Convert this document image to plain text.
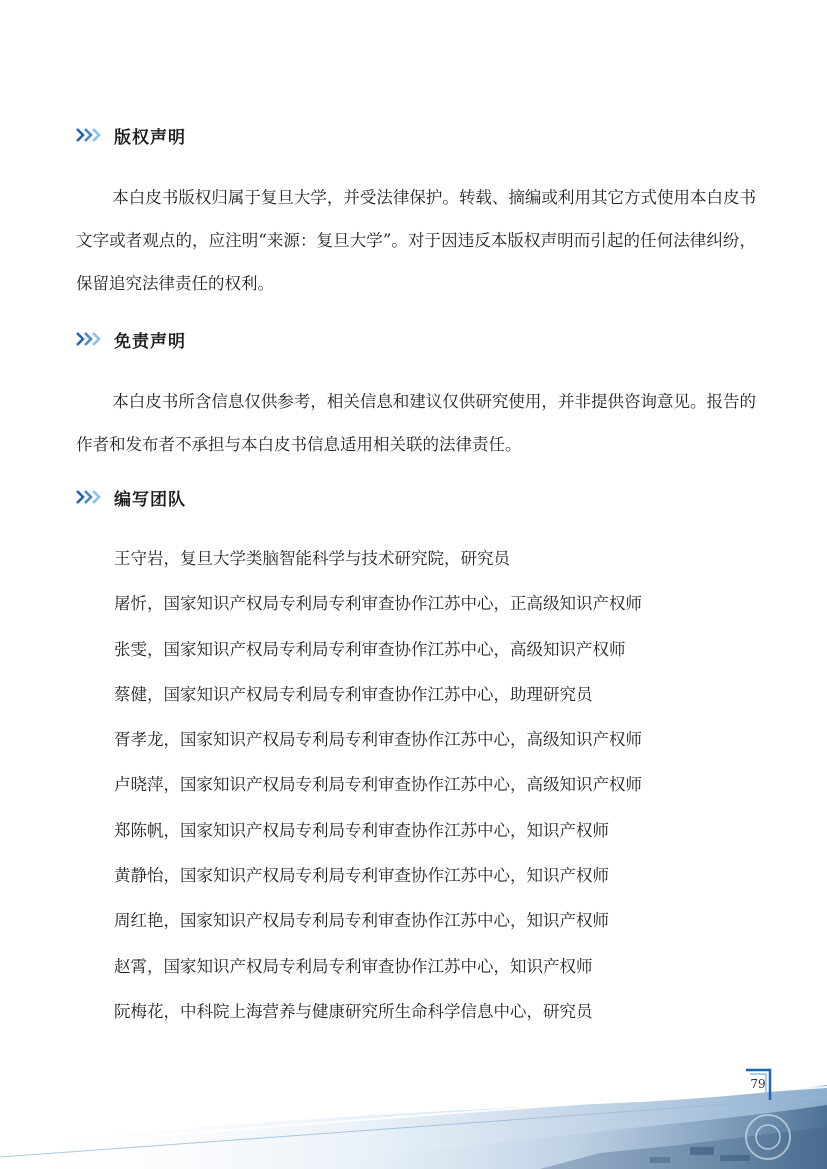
版权声明

本白皮书版权归属于复旦大学，并受法律保护。转载、摘编或利用其它方式使用本白皮书文字或者观点的，应注明“来源：复旦大学”。对于因违反本版权声明而引起的任何法律纠纷，保留追究法律责任的权利。

免责声明

本白皮书所含信息仅供参考，相关信息和建议仅供研究使用，并非提供咨询意见。报告的作者和发布者不承担与本白皮书信息适用相关联的法律责任。

编写团队
王守岩，复旦大学类脑智能科学与技术研究院，研究员
屠忻，国家知识产权局专利局专利审查协作江苏中心，正高级知识产权师
张雯，国家知识产权局专利局专利审查协作江苏中心，高级知识产权师
蔡健，国家知识产权局专利局专利审查协作江苏中心，助理研究员
胥孝龙，国家知识产权局专利局专利审查协作江苏中心，高级知识产权师
卢晓萍，国家知识产权局专利局专利审查协作江苏中心，高级知识产权师
郑陈帆，国家知识产权局专利局专利审查协作江苏中心，知识产权师
黄静怡，国家知识产权局专利局专利审查协作江苏中心，知识产权师
周红艳，国家知识产权局专利局专利审查协作江苏中心，知识产权师
赵霄，国家知识产权局专利局专利审查协作江苏中心，知识产权师
阮梅花，中科院上海营养与健康研究所生命科学信息中心，研究员
79
